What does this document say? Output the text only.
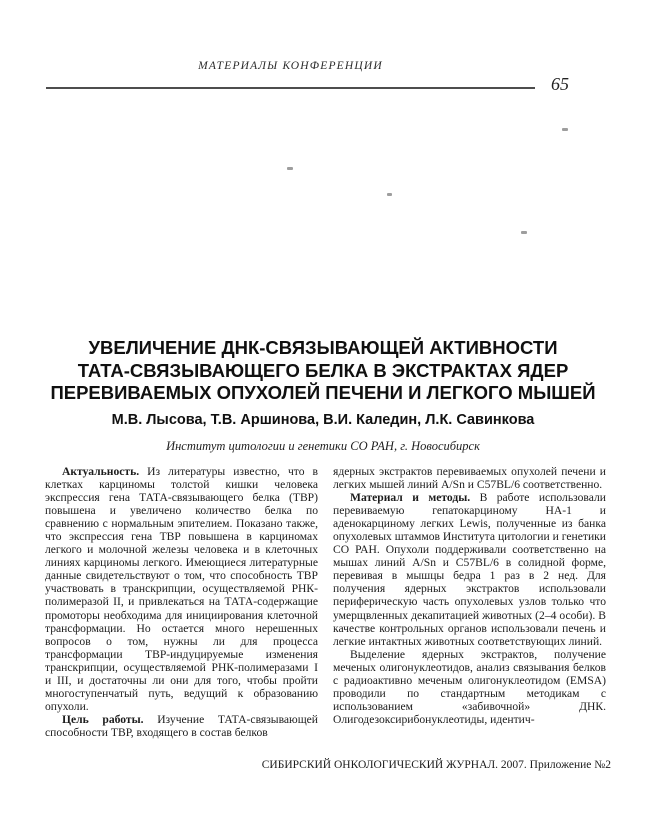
МАТЕРИАЛЫ КОНФЕРЕНЦИИ
65
УВЕЛИЧЕНИЕ ДНК-СВЯЗЫВАЮЩЕЙ АКТИВНОСТИ
ТАТА-СВЯЗЫВАЮЩЕГО БЕЛКА В ЭКСТРАКТАХ ЯДЕР
ПЕРЕВИВАЕМЫХ ОПУХОЛЕЙ ПЕЧЕНИ И ЛЕГКОГО МЫШЕЙ
М.В. Лысова, Т.В. Аршинова, В.И. Каледин, Л.К. Савинкова
Институт цитологии и генетики СО РАН, г. Новосибирск

Актуальность. Из литературы известно, что в клетках карциномы толстой кишки человека экспрессия гена ТАТА-связывающего белка (ТВР) повышена и увеличено количество белка по сравнению с нормальным эпителием. Показано также, что экспрессия гена ТВР повышена в карциномах легкого и молочной железы человека и в клеточных линиях карциномы легкого. Имеющиеся литературные данные свидетельствуют о том, что способность ТВР участвовать в транскрипции, осуществляемой РНК-полимеразой II, и привлекаться на ТАТА-содержащие промоторы необходима для инициирования клеточной трансформации. Но остается много нерешенных вопросов о том, нужны ли для процесса трансформации ТВР-индуцируемые изменения транскрипции, осуществляемой РНК-полимеразами I и III, и достаточны ли они для того, чтобы пройти многоступенчатый путь, ведущий к образованию опухоли.

Цель работы. Изучение ТАТА-связывающей способности ТВР, входящего в состав белков

ядерных экстрактов перевиваемых опухолей печени и легких мышей линий A/Sn и C57BL/6 соответственно.

Материал и методы. В работе использовали перевиваемую гепатокарциному НА-1 и аденокарциному легких Lewis, полученные из банка опухолевых штаммов Института цитологии и генетики СО РАН. Опухоли поддерживали соответственно на мышах линий A/Sn и C57BL/6 в солидной форме, перевивая в мышцы бедра 1 раз в 2 нед. Для получения ядерных экстрактов использовали периферическую часть опухолевых узлов только что умерщвленных декапитацией животных (2–4 особи). В качестве контрольных органов использовали печень и легкие интактных животных соответствующих линий.

Выделение ядерных экстрактов, получение меченых олигонуклеотидов, анализ связывания белков с радиоактивно меченым олигонуклеотидом (EMSA) проводили по стандартным методикам с использованием «забивочной» ДНК. Олигодезоксирибонуклеотиды, идентич-

СИБИРСКИЙ ОНКОЛОГИЧЕСКИЙ ЖУРНАЛ. 2007. Приложение №2
